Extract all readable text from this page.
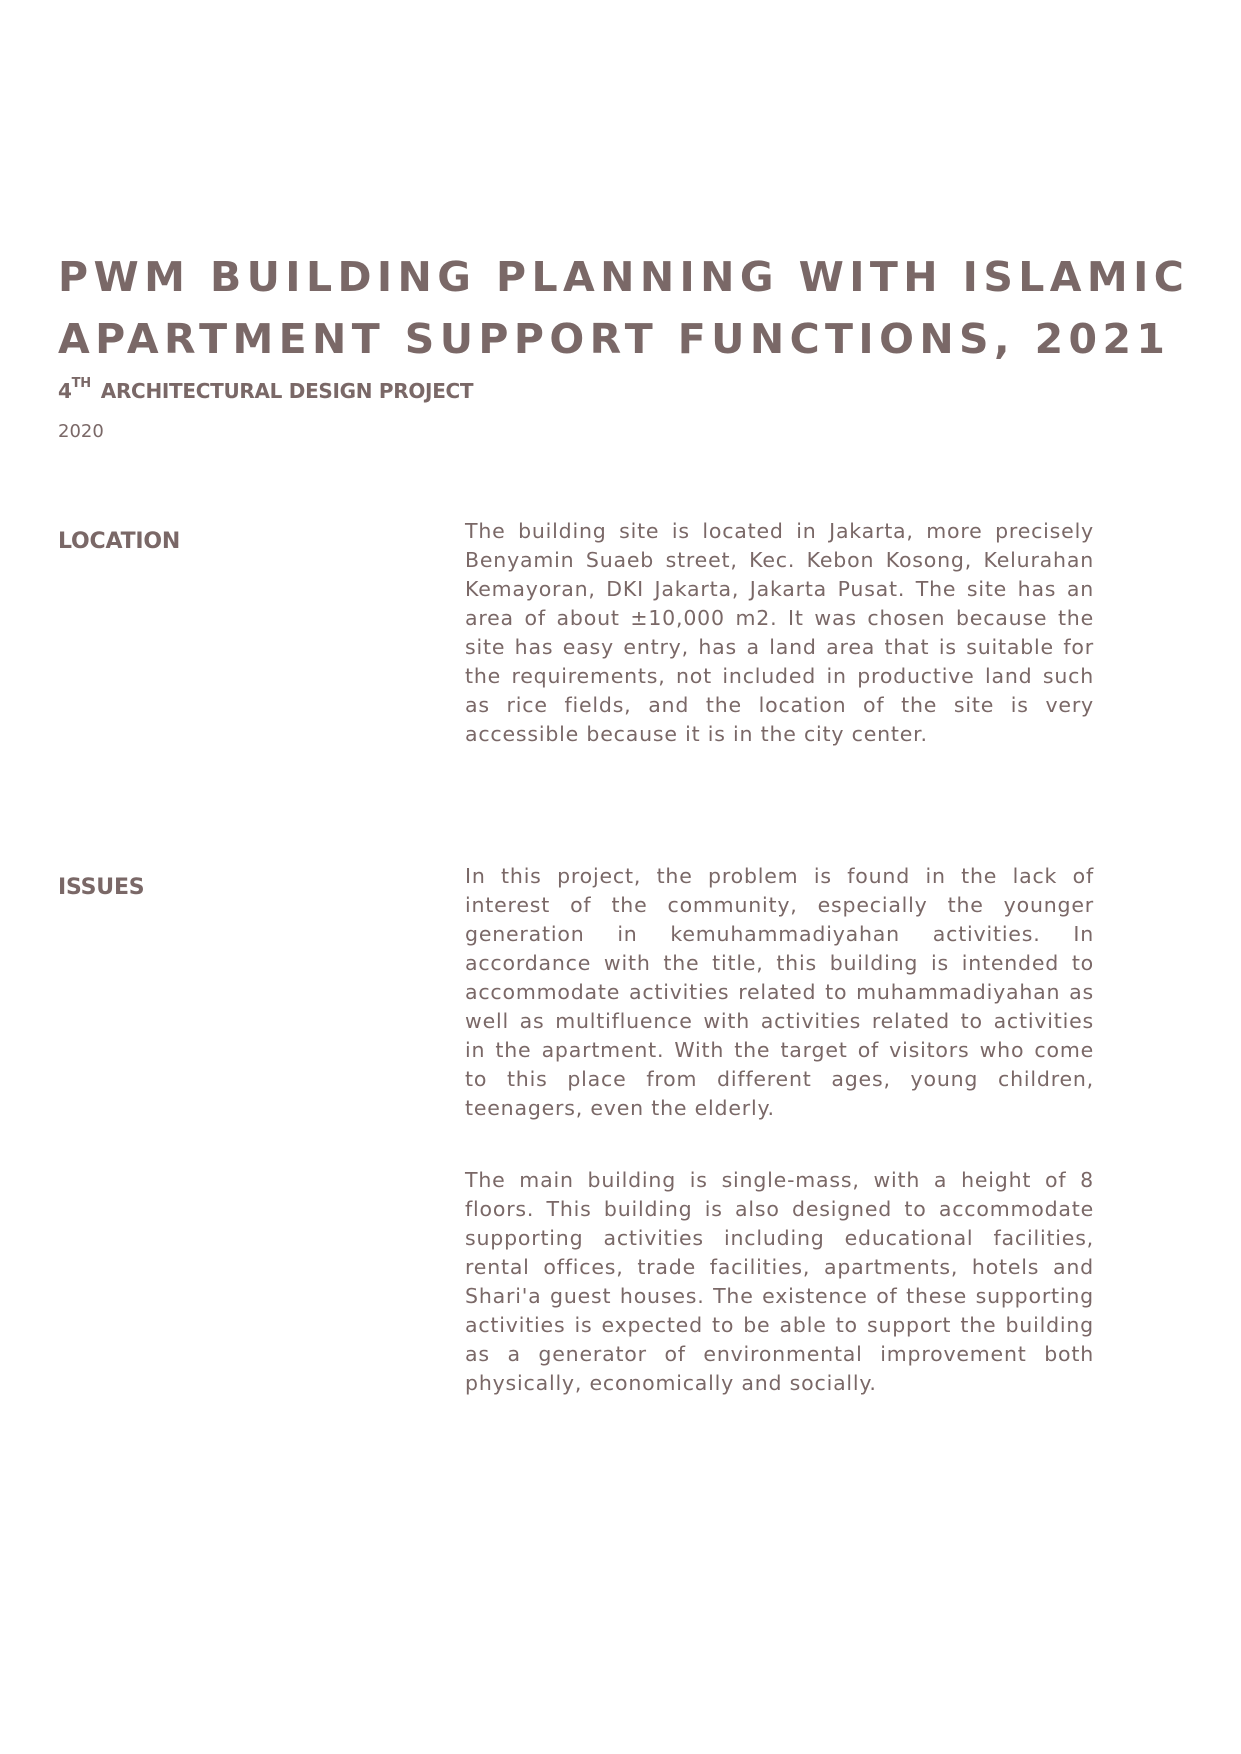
PWM BUILDING PLANNING WITH ISLAMIC
APARTMENT SUPPORT FUNCTIONS, 2021
4TH ARCHITECTURAL DESIGN PROJECT
2020
LOCATION	The building site is located in Jakarta, more precisely Benyamin Suaeb street, Kec. Kebon Kosong, Kelurahan Kemayoran, DKI Jakarta, Jakarta Pusat. The site has an area of about ±10,000 m2. It was chosen because the site has easy entry, has a land area that is suitable for the requirements, not included in productive land such as rice fields, and the location of the site is very accessible because it is in the city center.

ISSUES	In this project, the problem is found in the lack of interest of the community, especially the younger generation in kemuhammadiyahan activities. In accordance with the title, this building is intended to accommodate activities related to muhammadiyahan as well as multifluence with activities related to activities in the apartment. With the target of visitors who come to this place from different ages, young children, teenagers, even the elderly.

The main building is single-mass, with a height of 8 floors. This building is also designed to accommodate supporting activities including educational facilities, rental offices, trade facilities, apartments, hotels and Shari'a guest houses. The existence of these supporting activities is expected to be able to support the building as a generator of environmental improvement both physically, economically and socially.
